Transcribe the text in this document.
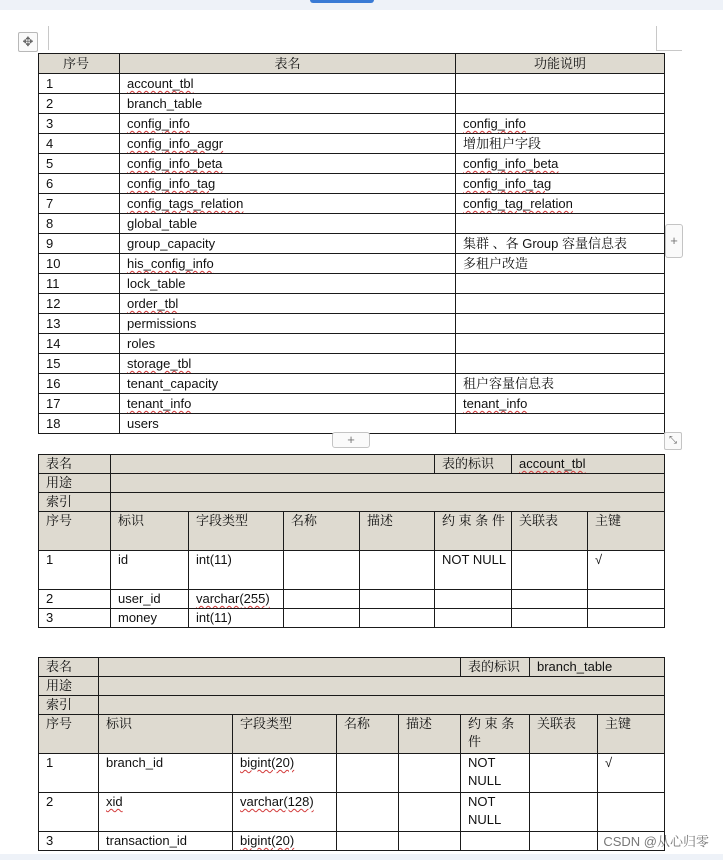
✥
序号	表名	功能说明
1	account_tbl	
2	branch_table	
3	config_info	config_info
4	config_info_aggr	增加租户字段
5	config_info_beta	config_info_beta
6	config_info_tag	config_info_tag
7	config_tags_relation	config_tag_relation
8	global_table	
9	group_capacity	集群 、各 Group 容量信息表
10	his_config_info	多租户改造
11	lock_table	
12	order_tbl	
13	permissions	
14	roles	
15	storage_tbl	
16	tenant_capacity	租户容量信息表
17	tenant_info	tenant_info
18	users	
+
+	⤡
表名					表的标识	account_tbl	
用途							
索引							
序号	标识	字段类型	名称	描述	约 束 条 件	关联表	主键
1	id	int(11)			NOT NULL		√
2	user_id	varchar(255)					
3	money	int(11)					
表名					表的标识	branch_table	
用途							
索引							
序号	标识	字段类型	名称	描述	约 束 条 件	关联表	主键
1	branch_id	bigint(20)			NOT NULL		√
2	xid	varchar(128)			NOT NULL		
3	transaction_id	bigint(20)						CSDN @从心归零
